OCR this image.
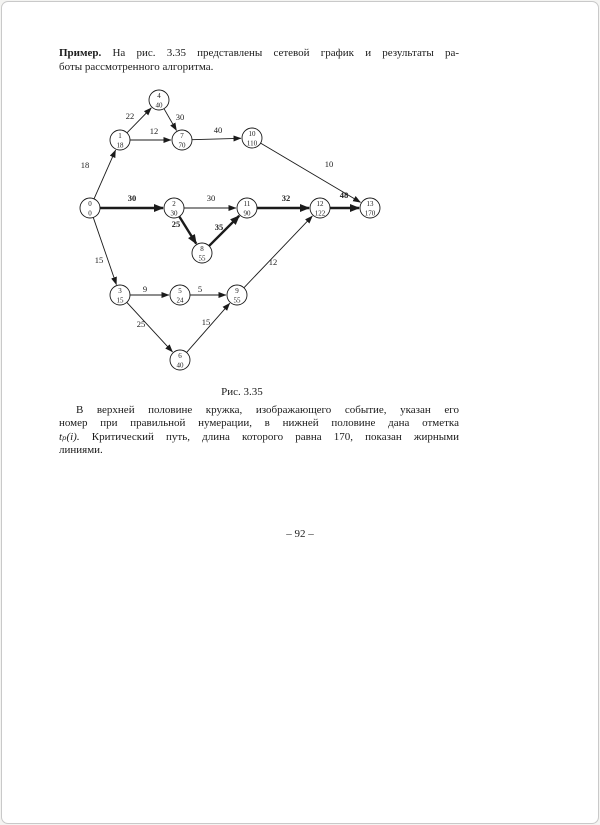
Пример. На рис. 3.35 представлены сетевой график и результаты ра-
боты рассмотренного алгоритма.
18
22	30
12	40
10
30	30	32	48
25	35
15
9	5
12
25	15
0
0
1
18
2
30
3
15
4
40
5
24
6
40
7
70
8
55
9
55
10
110
11
90
12
122
13
170
Рис. 3.35
В верхней половине кружка, изображающего событие, указан его
номер при правильной нумерации, в нижней половине дана отметка
tₚ(i). Критический путь, длина которого равна 170, показан жирными
линиями.
– 92 –
